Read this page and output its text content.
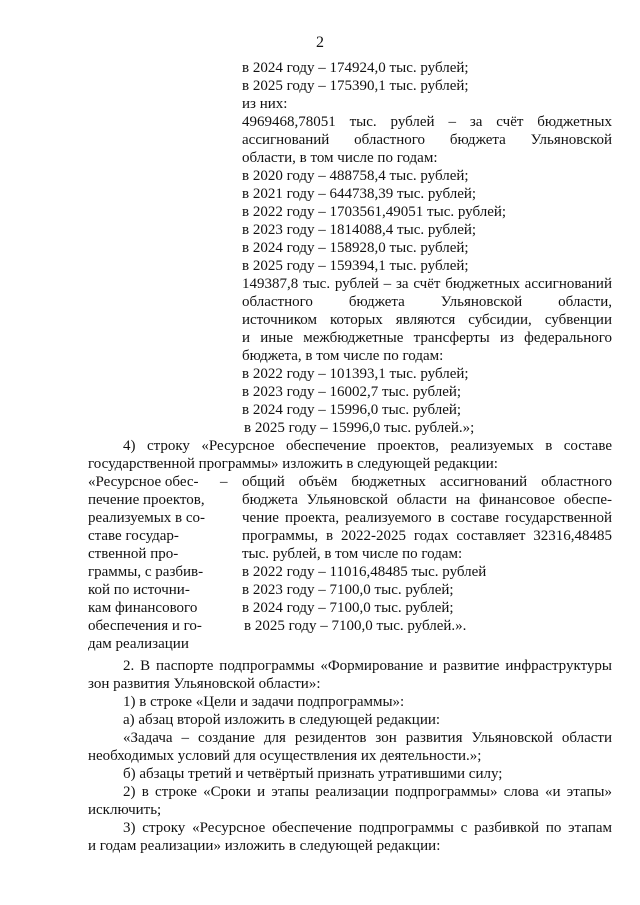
2
в 2024 году – 174924,0 тыс. рублей;
в 2025 году – 175390,1 тыс. рублей;
из них:
4969468,78051 тыс. рублей – за счёт бюджетных
ассигнований областного бюджета Ульяновской
области, в том числе по годам:
в 2020 году – 488758,4 тыс. рублей;
в 2021 году – 644738,39 тыс. рублей;
в 2022 году – 1703561,49051 тыс. рублей;
в 2023 году – 1814088,4 тыс. рублей;
в 2024 году – 158928,0 тыс. рублей;
в 2025 году – 159394,1 тыс. рублей;
149387,8 тыс. рублей – за счёт бюджетных ассигнований
областного бюджета Ульяновской области,
источником которых являются субсидии, субвенции
и иные межбюджетные трансферты из федерального
бюджета, в том числе по годам:
в 2022 году – 101393,1 тыс. рублей;
в 2023 году – 16002,7 тыс. рублей;
в 2024 году – 15996,0 тыс. рублей;
в 2025 году – 15996,0 тыс. рублей.»;
4) строку «Ресурсное обеспечение проектов, реализуемых в составе
государственной программы» изложить в следующей редакции:
«Ресурсное обес-
печение проектов,
реализуемых в со-
ставе государ-
ственной про-
граммы, с разбив-
кой по источни-
кам финансового
обеспечения и го-
дам реализации
– общий объём бюджетных ассигнований областного
бюджета Ульяновской области на финансовое обеспе-
чение проекта, реализуемого в составе государственной
программы, в 2022-2025 годах составляет 32316,48485
тыс. рублей, в том числе по годам:
в 2022 году – 11016,48485 тыс. рублей
в 2023 году – 7100,0 тыс. рублей;
в 2024 году – 7100,0 тыс. рублей;
в 2025 году – 7100,0 тыс. рублей.».
2. В паспорте подпрограммы «Формирование и развитие инфраструктуры
зон развития Ульяновской области»:
1) в строке «Цели и задачи подпрограммы»:
а) абзац второй изложить в следующей редакции:
«Задача – создание для резидентов зон развития Ульяновской области
необходимых условий для осуществления их деятельности.»;
б) абзацы третий и четвёртый признать утратившими силу;
2) в строке «Сроки и этапы реализации подпрограммы» слова «и этапы»
исключить;
3) строку «Ресурсное обеспечение подпрограммы с разбивкой по этапам
и годам реализации» изложить в следующей редакции:
